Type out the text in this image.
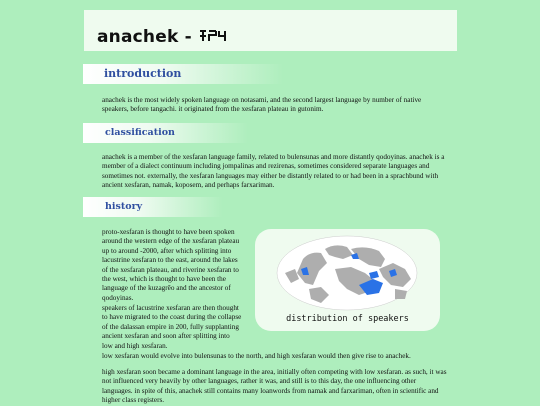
anachek -
introduction
anachek is the most widely spoken language on notasami, and the second largest language by number of native speakers, before tangachi. it originated from the xesfaran plateau in gutonim.
classification
anachek is a member of the xesfaran language family, related to bulensunas and more distantly qodoyinas. anachek is a member of a dialect continuum including jompalinas and rezirenas, sometimes considered separate languages and sometimes not. externally, the xesfaran languages may either be distantly related to or had been in a sprachbund with ancient xesfaran, namak, koposem, and perhaps farxariman.
history
proto-xesfaran is thought to have been spoken around the western edge of the xesfaran plateau up to around -2000, after which splitting into lacustrine xesfaran to the east, around the lakes of the xesfaran plateau, and riverine xesfaran to the west, which is thought to have been the language of the kuzagrēo and the ancestor of qodoyinas.
speakers of lacustrine xesfaran are then thought to have migrated to the coast during the collapse of the dalassan empire in 200, fully supplanting ancient xesfaran and soon after splitting into low and high xesfaran.
low xesfaran would evolve into bulensunas to the north, and high xesfaran would then give rise to anachek.
high xesfaran soon became a dominant language in the area, initially often competing with low xesfaran. as such, it was not influenced very heavily by other languages, rather it was, and still is to this day, the one influencing other languages. in spite of this, anachek still contains many loanwords from namak and farxariman, often in scientific and higher class registers.
distribution of speakers
